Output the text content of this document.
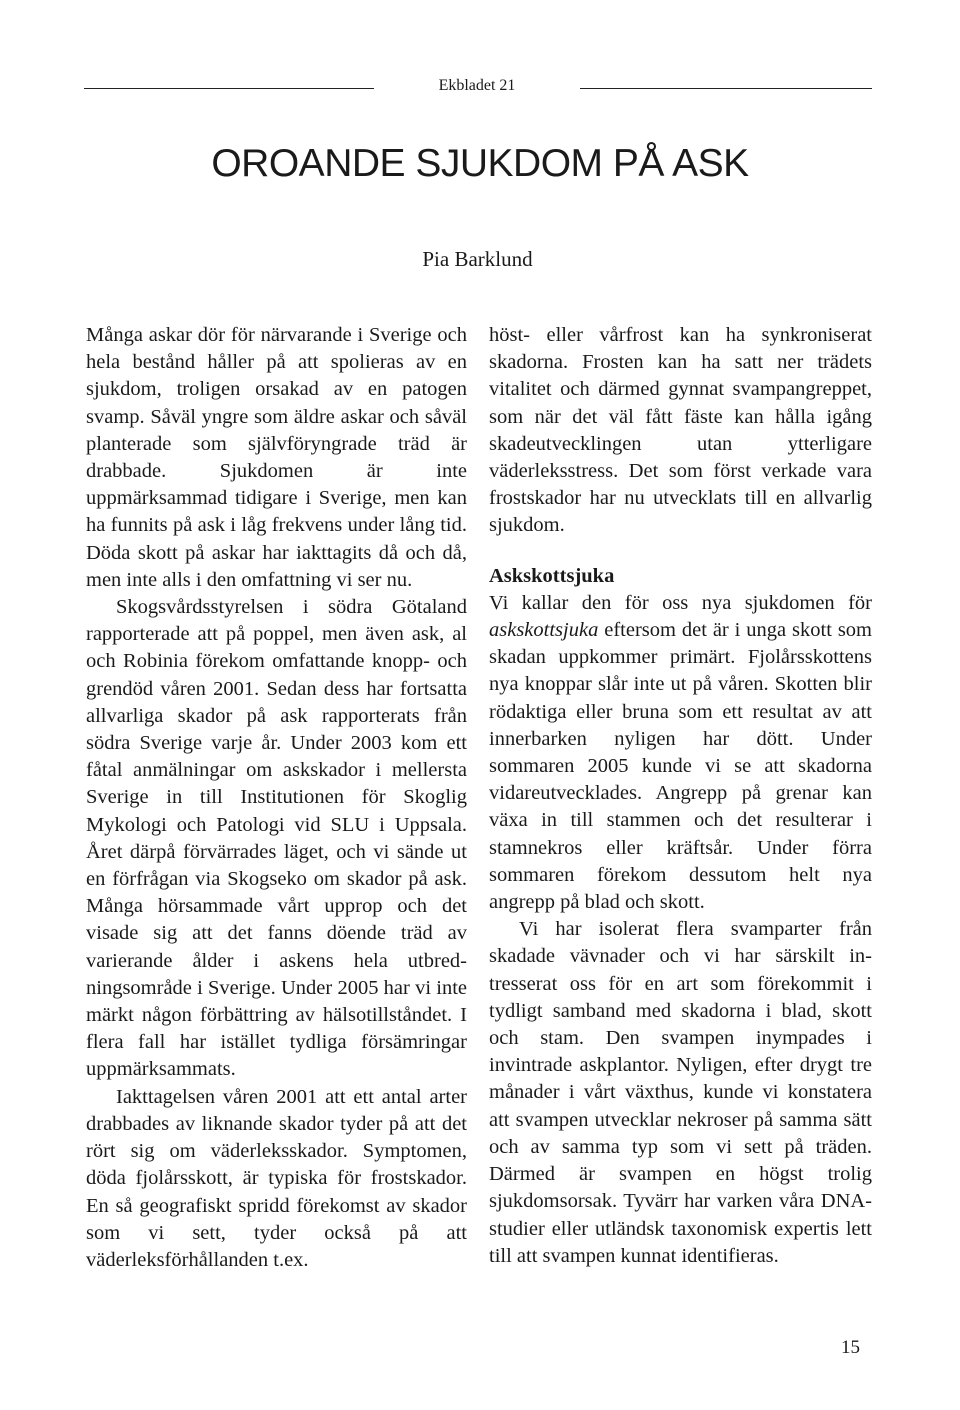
Ekbladet 21
OROANDE SJUKDOM PÅ ASK
Pia Barklund

Många askar dör för närvarande i Sverige och hela bestånd håller på att spolieras av en sjukdom, troligen orsakad av en patogen svamp. Såväl yngre som äldre askar och såväl planterade som självföryngrade träd är drabbade. Sjukdomen är inte uppmärksammad tidigare i Sverige, men kan ha funnits på ask i låg frekvens under lång tid. Döda skott på askar har iakttagits då och då, men inte alls i den omfattning vi ser nu.

Skogsvårdsstyrelsen i södra Götaland rapporterade att på poppel, men även ask, al och Robinia förekom omfattande knopp- och grendöd våren 2001. Sedan dess har fortsatta allvarliga skador på ask rapporterats från södra Sverige varje år. Under 2003 kom ett fåtal anmälningar om askskador i mellersta Sverige in till Institutionen för Skoglig Mykologi och Patologi vid SLU i Uppsala. Året därpå förvärrades läget, och vi sände ut en förfrågan via Skogseko om skador på ask. Många hörsammade vårt upprop och det visade sig att det fanns döende träd av varierande ålder i askens hela utbredningsområde i Sverige. Under 2005 har vi inte märkt någon förbättring av hälsotillståndet. I flera fall har istället tydliga försämringar uppmärksammats.

Iakttagelsen våren 2001 att ett antal arter drabbades av liknande skador tyder på att det rört sig om väderleksskador. Symptomen, döda fjolårsskott, är typiska för frostskador. En så geografiskt spridd förekomst av skador som vi sett, tyder också på att väderleksförhållanden t.ex.

höst- eller vårfrost kan ha synkroniserat skadorna. Frosten kan ha satt ner trädets vitalitet och därmed gynnat svampangreppet, som när det väl fått fäste kan hålla igång skadeutvecklingen utan ytterligare väderleksstress. Det som först verkade vara frostskador har nu utvecklats till en allvarlig sjukdom.

Askskottsjuka

Vi kallar den för oss nya sjukdomen för askskottsjuka eftersom det är i unga skott som skadan uppkommer primärt. Fjolårsskottens nya knoppar slår inte ut på våren. Skotten blir rödaktiga eller bruna som ett resultat av att innerbarken nyligen har dött. Under sommaren 2005 kunde vi se att skadorna vidareutvecklades. Angrepp på grenar kan växa in till stammen och det resulterar i stamnekros eller kräftsår. Under förra sommaren förekom dessutom helt nya angrepp på blad och skott.

Vi har isolerat flera svamparter från skadade vävnader och vi har särskilt intresserat oss för en art som förekommit i tydligt samband med skadorna i blad, skott och stam. Den svampen inympades i invintrade askplantor. Nyligen, efter drygt tre månader i vårt växthus, kunde vi konstatera att svampen utvecklar nekroser på samma sätt och av samma typ som vi sett på träden. Därmed är svampen en högst trolig sjukdomsorsak. Tyvärr har varken våra DNA-studier eller utländsk taxonomisk expertis lett till att svampen kunnat identifieras.

15
